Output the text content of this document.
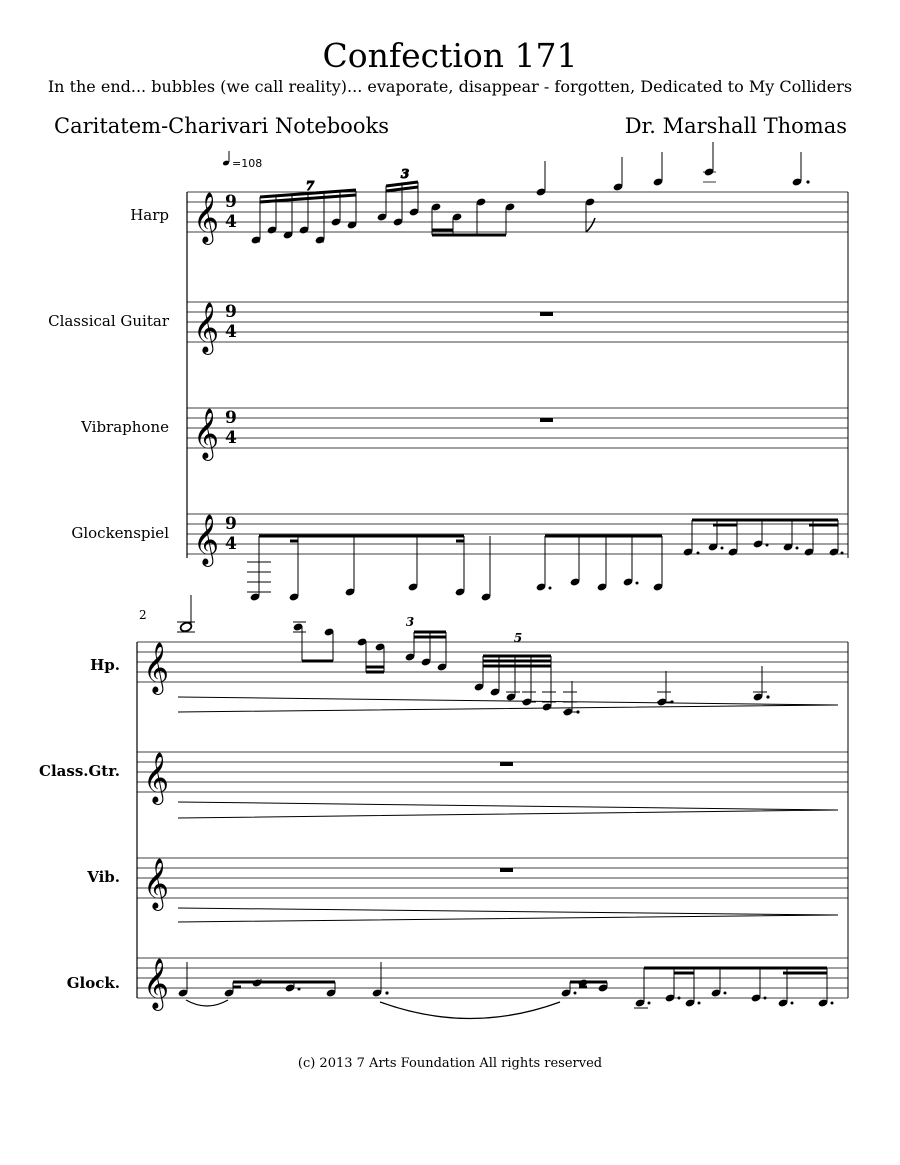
Confection 171
In the end... bubbles (we call reality)... evaporate, disappear - forgotten, Dedicated to My Colliders
Caritatem-Charivari Notebooks	Dr. Marshall Thomas
=108
Harp
Classical Guitar
Vibraphone
Glockenspiel
𝄞
𝄞
𝄞
𝄞
9
4
9
4
9
4
9
4
7
3
2
Hp.
Class.Gtr.
Vib.
Glock.
𝄞
𝄞
𝄞
𝄞
3
5
(c) 2013 7 Arts Foundation All rights reserved
